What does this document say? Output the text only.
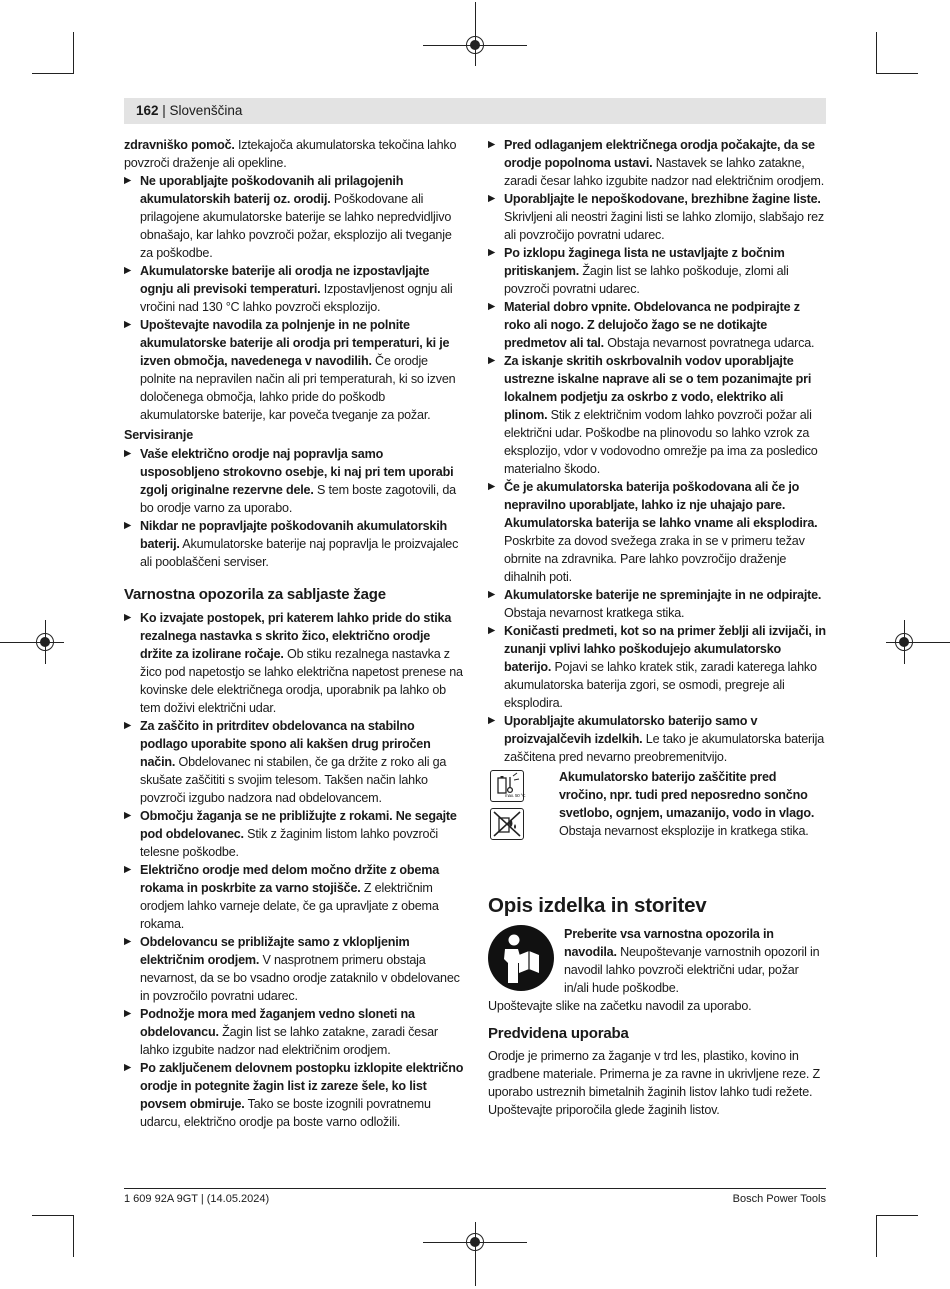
162 | Slovenščina

zdravniško pomoč. Iztekajoča akumulatorska tekočina lahko povzroči draženje ali opekline.

▶ Ne uporabljajte poškodovanih ali prilagojenih akumulatorskih baterij oz. orodij. Poškodovane ali prilagojene akumulatorske baterije se lahko nepredvidljivo obnašajo, kar lahko povzroči požar, eksplozijo ali tveganje za poškodbe.

▶ Akumulatorske baterije ali orodja ne izpostavljajte ognju ali previsoki temperaturi. Izpostavljenost ognju ali vročini nad 130 °C lahko povzroči eksplozijo.

▶ Upoštevajte navodila za polnjenje in ne polnite akumulatorske baterije ali orodja pri temperaturi, ki je izven območja, navedenega v navodilih. Če orodje polnite na nepravilen način ali pri temperaturah, ki so izven določenega območja, lahko pride do poškodb akumulatorske baterije, kar poveča tveganje za požar.

Servisiranje

▶ Vaše električno orodje naj popravlja samo usposobljeno strokovno osebje, ki naj pri tem uporabi zgolj originalne rezervne dele. S tem boste zagotovili, da bo orodje varno za uporabo.

▶ Nikdar ne popravljajte poškodovanih akumulatorskih baterij. Akumulatorske baterije naj popravlja le proizvajalec ali pooblaščeni serviser.

Varnostna opozorila za sabljaste žage

▶ Ko izvajate postopek, pri katerem lahko pride do stika rezalnega nastavka s skrito žico, električno orodje držite za izolirane ročaje. Ob stiku rezalnega nastavka z žico pod napetostjo se lahko električna napetost prenese na kovinske dele električnega orodja, uporabnik pa lahko ob tem doživi električni udar.

▶ Za zaščito in pritrditev obdelovanca na stabilno podlago uporabite spono ali kakšen drug priročen način. Obdelovanec ni stabilen, če ga držite z roko ali ga skušate zaščititi s svojim telesom. Takšen način lahko povzroči izgubo nadzora nad obdelovancem.

▶ Območju žaganja se ne približujte z rokami. Ne segajte pod obdelovanec. Stik z žaginim listom lahko povzroči telesne poškodbe.

▶ Električno orodje med delom močno držite z obema rokama in poskrbite za varno stojišče. Z električnim orodjem lahko varneje delate, če ga upravljate z obema rokama.

▶ Obdelovancu se približajte samo z vklopljenim električnim orodjem. V nasprotnem primeru obstaja nevarnost, da se bo vsadno orodje zataknilo v obdelovanec in povzročilo povratni udarec.

▶ Podnožje mora med žaganjem vedno sloneti na obdelovancu. Žagin list se lahko zatakne, zaradi česar lahko izgubite nadzor nad električnim orodjem.

▶ Po zaključenem delovnem postopku izklopite električno orodje in potegnite žagin list iz zareze šele, ko list povsem obmiruje. Tako se boste izognili povratnemu udarcu, električno orodje pa boste varno odložili.

▶ Pred odlaganjem električnega orodja počakajte, da se orodje popolnoma ustavi. Nastavek se lahko zatakne, zaradi česar lahko izgubite nadzor nad električnim orodjem.

▶ Uporabljajte le nepoškodovane, brezhibne žagine liste. Skrivljeni ali neostri žagini listi se lahko zlomijo, slabšajo rez ali povzročijo povratni udarec.

▶ Po izklopu žaginega lista ne ustavljajte z bočnim pritiskanjem. Žagin list se lahko poškoduje, zlomi ali povzroči povratni udarec.

▶ Material dobro vpnite. Obdelovanca ne podpirajte z roko ali nogo. Z delujočo žago se ne dotikajte predmetov ali tal. Obstaja nevarnost povratnega udarca.

▶ Za iskanje skritih oskrbovalnih vodov uporabljajte ustrezne iskalne naprave ali se o tem pozanimajte pri lokalnem podjetju za oskrbo z vodo, elektriko ali plinom. Stik z električnim vodom lahko povzroči požar ali električni udar. Poškodbe na plinovodu so lahko vzrok za eksplozijo, vdor v vodovodno omrežje pa ima za posledico materialno škodo.

▶ Če je akumulatorska baterija poškodovana ali če jo nepravilno uporabljate, lahko iz nje uhajajo pare. Akumulatorska baterija se lahko vname ali eksplodira. Poskrbite za dovod svežega zraka in se v primeru težav obrnite na zdravnika. Pare lahko povzročijo draženje dihalnih poti.

▶ Akumulatorske baterije ne spreminjajte in ne odpirajte. Obstaja nevarnost kratkega stika.

▶ Koničasti predmeti, kot so na primer žeblji ali izvijači, in zunanji vplivi lahko poškodujejo akumulatorsko baterijo. Pojavi se lahko kratek stik, zaradi katerega lahko akumulatorska baterija zgori, se osmodi, pregreje ali eksplodira.

▶ Uporabljajte akumulatorsko baterijo samo v proizvajalčevih izdelkih. Le tako je akumulatorska baterija zaščitena pred nevarno preobremenitvijo.

max. 50 °C

Akumulatorsko baterijo zaščitite pred vročino, npr. tudi pred neposredno sončno svetlobo, ognjem, umazanijo, vodo in vlago. Obstaja nevarnost eksplozije in kratkega stika.

Opis izdelka in storitev

Preberite vsa varnostna opozorila in navodila. Neupoštevanje varnostnih opozoril in navodil lahko povzroči električni udar, požar in/ali hude poškodbe.

Upoštevajte slike na začetku navodil za uporabo.

Predvidena uporaba

Orodje je primerno za žaganje v trd les, plastiko, kovino in gradbene materiale. Primerna je za ravne in ukrivljene reze. Z uporabo ustreznih bimetalnih žaginih listov lahko tudi režete. Upoštevajte priporočila glede žaginih listov.

1 609 92A 9GT | (14.05.2024)	Bosch Power Tools
